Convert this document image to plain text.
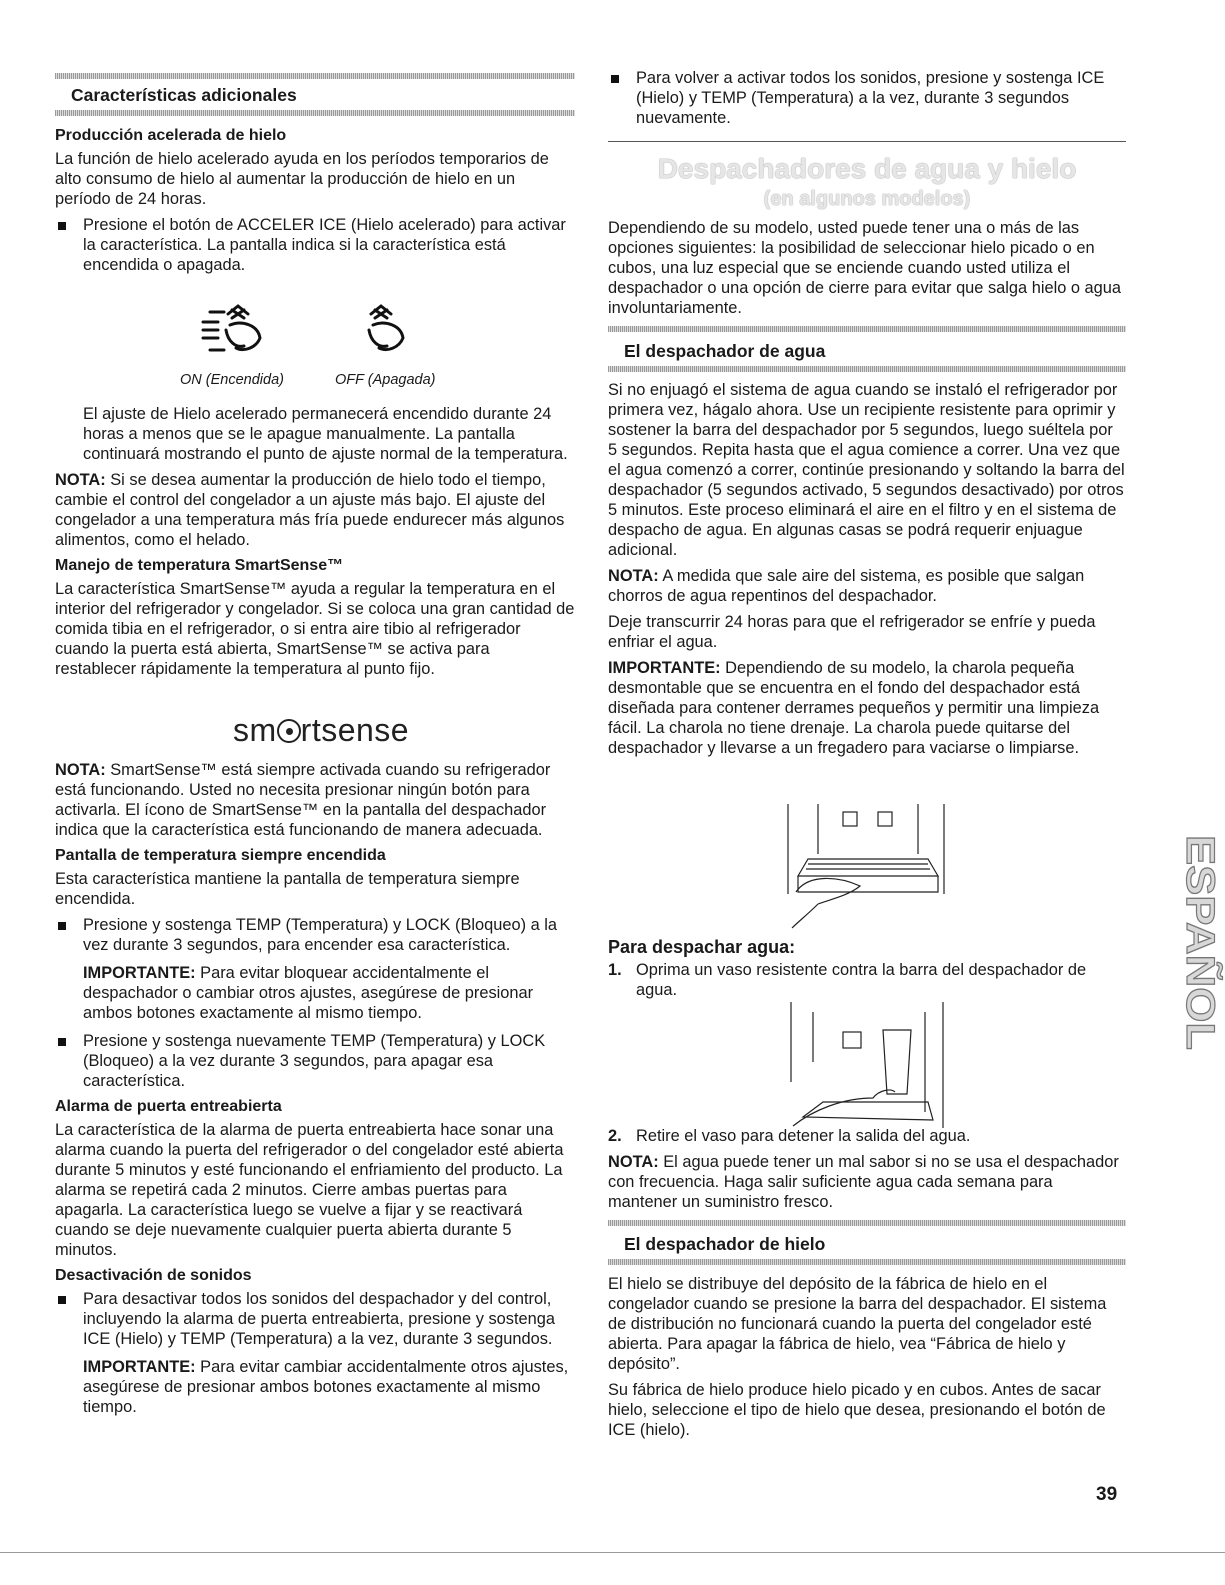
Características adicionales
Producción acelerada de hielo

La función de hielo acelerado ayuda en los períodos temporarios de alto consumo de hielo al aumentar la producción de hielo en un período de 24 horas.

Presione el botón de ACCELER ICE (Hielo acelerado) para activar la característica. La pantalla indica si la característica está encendida o apagada.
ON (Encendida)	OFF (Apagada)

El ajuste de Hielo acelerado permanecerá encendido durante 24 horas a menos que se le apague manualmente. La pantalla continuará mostrando el punto de ajuste normal de la temperatura.

NOTA: Si se desea aumentar la producción de hielo todo el tiempo, cambie el control del congelador a un ajuste más bajo. El ajuste del congelador a una temperatura más fría puede endurecer más algunos alimentos, como el helado.

Manejo de temperatura SmartSense™

La característica SmartSense™ ayuda a regular la temperatura en el interior del refrigerador y congelador. Si se coloca una gran cantidad de comida tibia en el refrigerador, o si entra aire tibio al refrigerador cuando la puerta está abierta, SmartSense™ se activa para restablecer rápidamente la temperatura al punto fijo.

sm rtsense

NOTA: SmartSense™ está siempre activada cuando su refrigerador está funcionando. Usted no necesita presionar ningún botón para activarla. El ícono de SmartSense™ en la pantalla del despachador indica que la característica está funcionando de manera adecuada.

Pantalla de temperatura siempre encendida

Esta característica mantiene la pantalla de temperatura siempre encendida.

Presione y sostenga TEMP (Temperatura) y LOCK (Bloqueo) a la vez durante 3 segundos, para encender esa característica.

IMPORTANTE: Para evitar bloquear accidentalmente el despachador o cambiar otros ajustes, asegúrese de presionar ambos botones exactamente al mismo tiempo.

Presione y sostenga nuevamente TEMP (Temperatura) y LOCK (Bloqueo) a la vez durante 3 segundos, para apagar esa característica.
Alarma de puerta entreabierta

La característica de la alarma de puerta entreabierta hace sonar una alarma cuando la puerta del refrigerador o del congelador esté abierta durante 5 minutos y esté funcionando el enfriamiento del producto. La alarma se repetirá cada 2 minutos. Cierre ambas puertas para apagarla. La característica luego se vuelve a fijar y se reactivará cuando se deje nuevamente cualquier puerta abierta durante 5 minutos.

Desactivación de sonidos
Para desactivar todos los sonidos del despachador y del control, incluyendo la alarma de puerta entreabierta, presione y sostenga ICE (Hielo) y TEMP (Temperatura) a la vez, durante 3 segundos.

IMPORTANTE: Para evitar cambiar accidentalmente otros ajustes, asegúrese de presionar ambos botones exactamente al mismo tiempo.

Para volver a activar todos los sonidos, presione y sostenga ICE (Hielo) y TEMP (Temperatura) a la vez, durante 3 segundos nuevamente.
Despachadores de agua y hielo
(en algunos modelos)

Dependiendo de su modelo, usted puede tener una o más de las opciones siguientes: la posibilidad de seleccionar hielo picado o en cubos, una luz especial que se enciende cuando usted utiliza el despachador o una opción de cierre para evitar que salga hielo o agua involuntariamente.

El despachador de agua

Si no enjuagó el sistema de agua cuando se instaló el refrigerador por primera vez, hágalo ahora. Use un recipiente resistente para oprimir y sostener la barra del despachador por 5 segundos, luego suéltela por 5 segundos. Repita hasta que el agua comience a correr. Una vez que el agua comenzó a correr, continúe presionando y soltando la barra del despachador (5 segundos activado, 5 segundos desactivado) por otros 5 minutos. Este proceso eliminará el aire en el filtro y en el sistema de despacho de agua. En algunas casas se podrá requerir enjuague adicional.

NOTA: A medida que sale aire del sistema, es posible que salgan chorros de agua repentinos del despachador.

Deje transcurrir 24 horas para que el refrigerador se enfríe y pueda enfriar el agua.

IMPORTANTE: Dependiendo de su modelo, la charola pequeña desmontable que se encuentra en el fondo del despachador está diseñada para contener derrames pequeños y permitir una limpieza fácil. La charola no tiene drenaje. La charola puede quitarse del despachador y llevarse a un fregadero para vaciarse o limpiarse.

Para despachar agua:
1. Oprima un vaso resistente contra la barra del despachador de agua.
2. Retire el vaso para detener la salida del agua.

NOTA: El agua puede tener un mal sabor si no se usa el despachador con frecuencia. Haga salir suficiente agua cada semana para mantener un suministro fresco.

El despachador de hielo

El hielo se distribuye del depósito de la fábrica de hielo en el congelador cuando se presione la barra del despachador. El sistema de distribución no funcionará cuando la puerta del congelador esté abierta. Para apagar la fábrica de hielo, vea “Fábrica de hielo y depósito”.

Su fábrica de hielo produce hielo picado y en cubos. Antes de sacar hielo, seleccione el tipo de hielo que desea, presionando el botón de ICE (hielo).

ESPAÑOL
39
